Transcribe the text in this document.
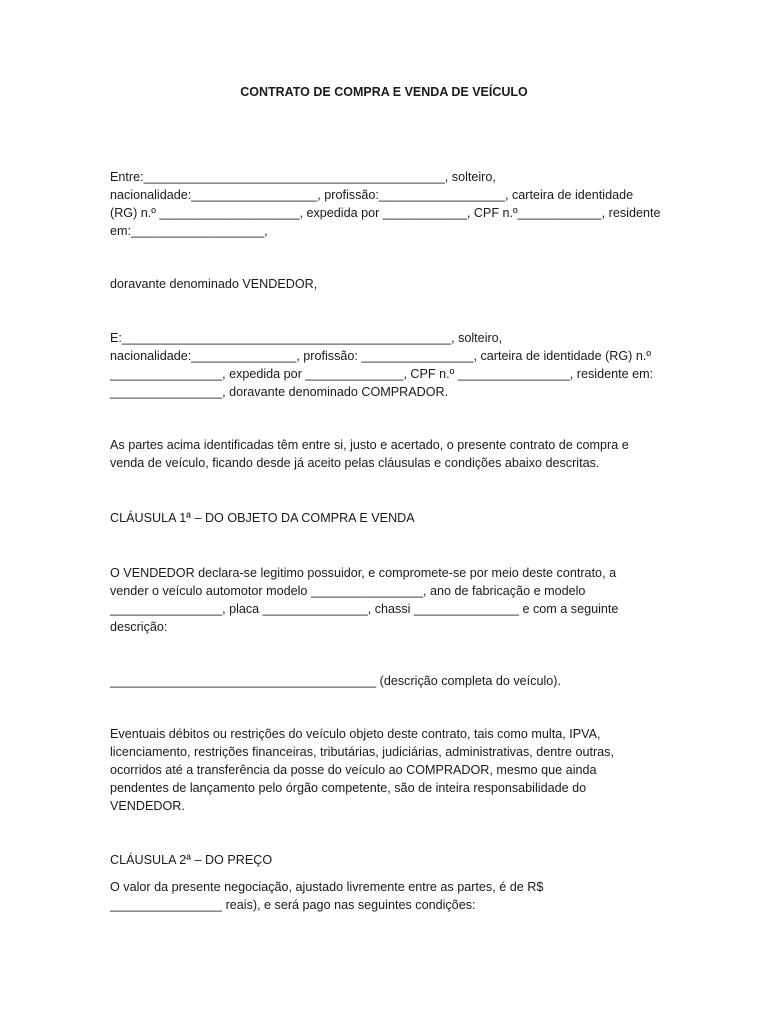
CONTRATO DE COMPRA E VENDA DE VEÍCULO
Entre:___________________________________________, solteiro,
nacionalidade:__________________, profissão:__________________, carteira de identidade
(RG) n.º ____________________, expedida por ____________, CPF n.º____________, residente
em:___________________,
doravante denominado VENDEDOR,
E:_______________________________________________, solteiro,
nacionalidade:_______________, profissão: ________________, carteira de identidade (RG) n.º
________________, expedida por ______________, CPF n.º ________________, residente em:
________________, doravante denominado COMPRADOR.
As partes acima identificadas têm entre si, justo e acertado, o presente contrato de compra e
venda de veículo, ficando desde já aceito pelas cláusulas e condições abaixo descritas.
CLÁUSULA 1ª – DO OBJETO DA COMPRA E VENDA
O VENDEDOR declara-se legitimo possuidor, e compromete-se por meio deste contrato, a
vender o veículo automotor modelo ________________, ano de fabricação e modelo
________________, placa _______________, chassi _______________ e com a seguinte
descrição:
______________________________________ (descrição completa do veículo).
Eventuais débitos ou restrições do veículo objeto deste contrato, tais como multa, IPVA,
licenciamento, restrições financeiras, tributárias, judiciárias, administrativas, dentre outras,
ocorridos até a transferência da posse do veículo ao COMPRADOR, mesmo que ainda
pendentes de lançamento pelo órgão competente, são de inteira responsabilidade do
VENDEDOR.
CLÁUSULA 2ª – DO PREÇO
O valor da presente negociação, ajustado livremente entre as partes, é de R$
________________ reais), e será pago nas seguintes condições:
